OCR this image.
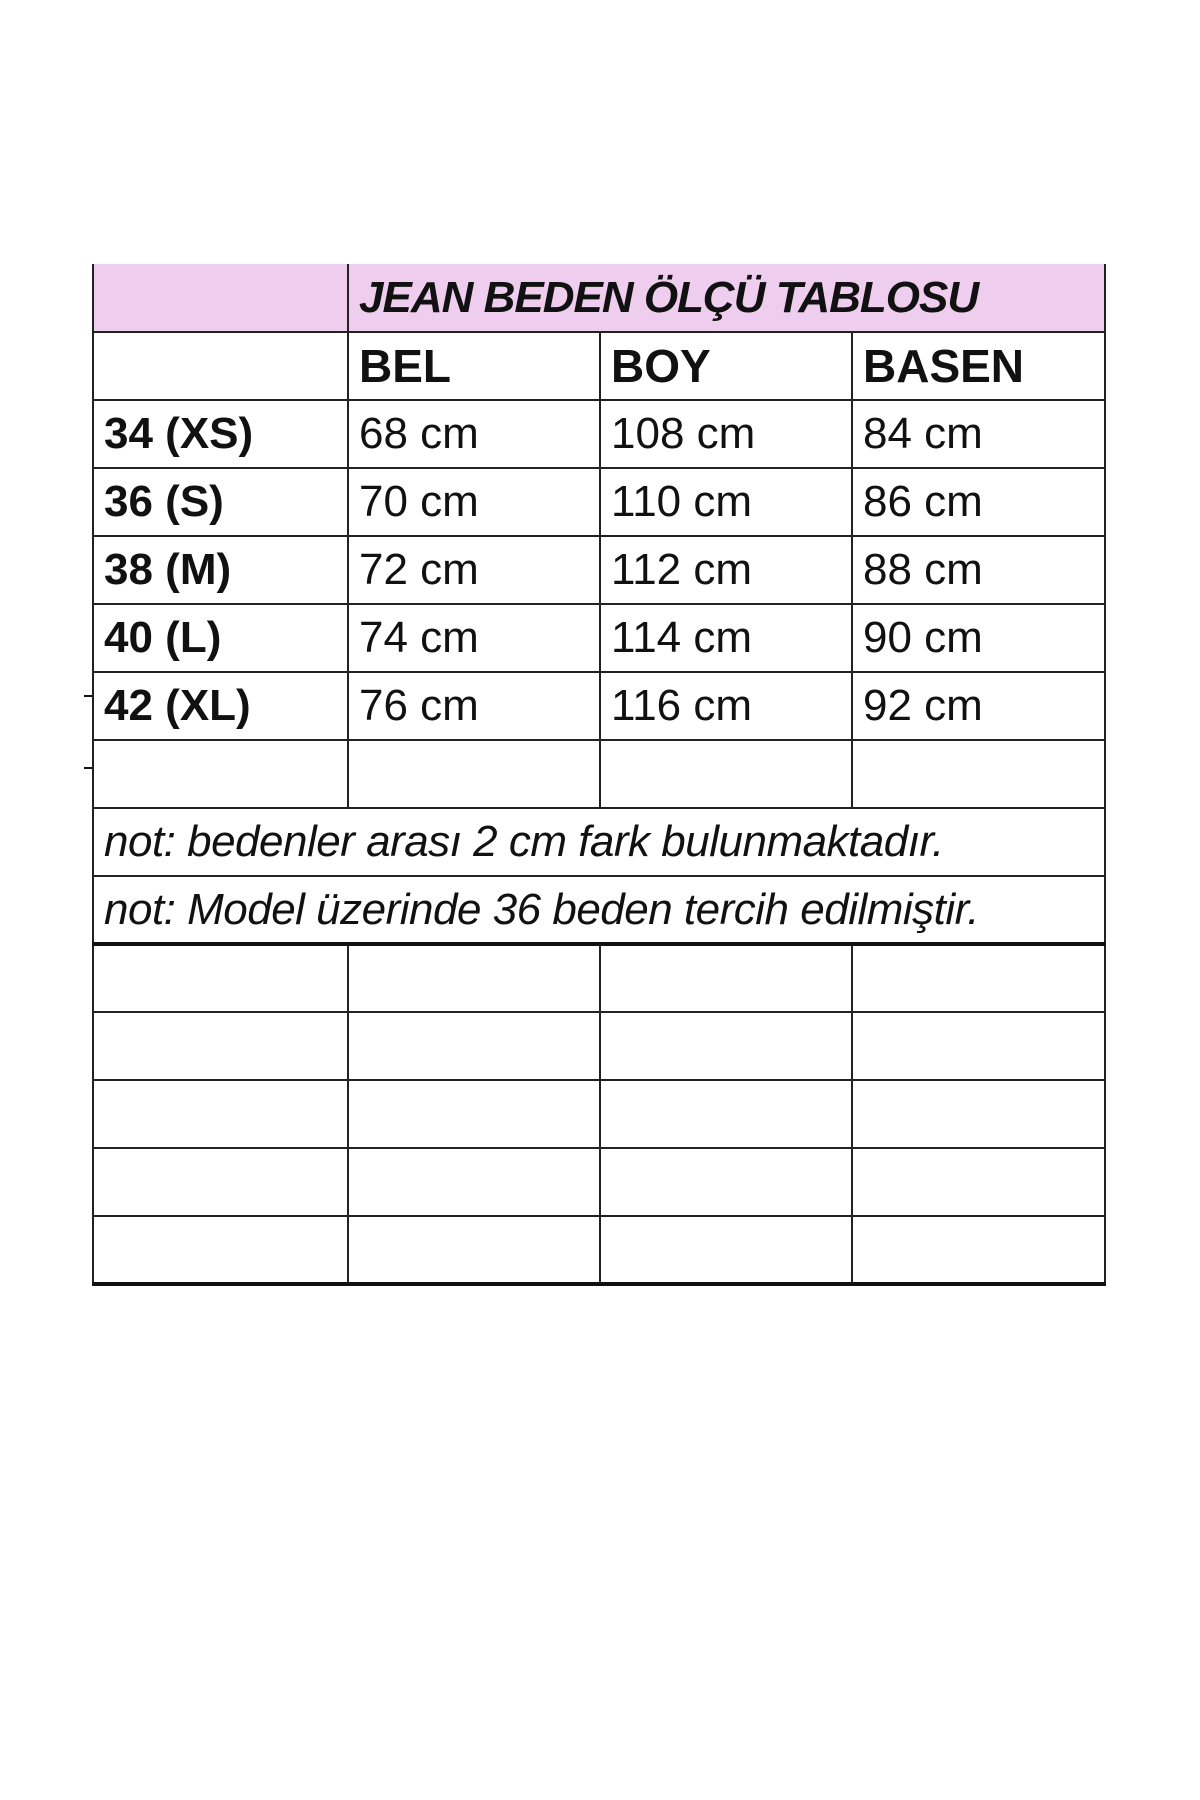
	JEAN BEDEN ÖLÇÜ TABLOSU		
	BEL	BOY	BASEN
34 (XS)	68 cm	108 cm	84 cm
36 (S)	70 cm	110 cm	86 cm
38 (M)	72 cm	112 cm	88 cm
40 (L)	74 cm	114 cm	90 cm
42 (XL)	76 cm	116 cm	92 cm

not: bedenler arası 2 cm fark bulunmaktadır.			
not: Model üzerinde 36 beden tercih edilmiştir.			
